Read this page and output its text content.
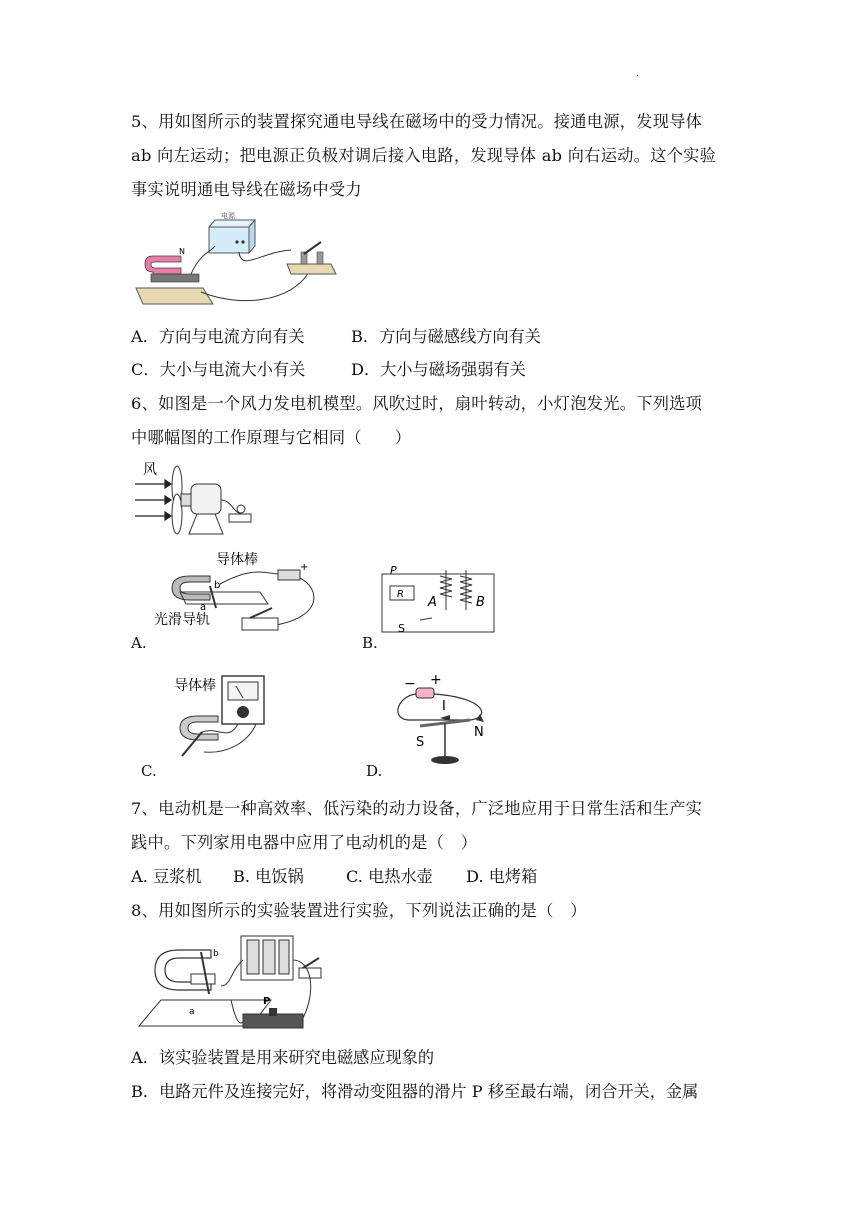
.
5、用如图所示的装置探究通电导线在磁场中的受力情况。接通电源，发现导体
ab 向左运动；把电源正负极对调后接入电路，发现导体 ab 向右运动。这个实验
事实说明通电导线在磁场中受力
N
电源
A．方向与电流方向有关	B．方向与磁感线方向有关
C．大小与电流大小有关	D．大小与磁场强弱有关
6、如图是一个风力发电机模型。风吹过时，扇叶转动，小灯泡发光。下列选项
中哪幅图的工作原理与它相同（　　）
风
导体棒
b
a
+
光滑导轨
A.
P
R
S
A	B
B.
导体棒
C.
− +
I
S
N
D.
7、电动机是一种高效率、低污染的动力设备，广泛地应用于日常生活和生产实
践中。下列家用电器中应用了电动机的是（　）
A. 豆浆机 B. 电饭锅	C. 电热水壶 D. 电烤箱
8、用如图所示的实验装置进行实验，下列说法正确的是（　）
b
a
P
A．该实验装置是用来研究电磁感应现象的
B．电路元件及连接完好，将滑动变阻器的滑片 P 移至最右端，闭合开关，金属
